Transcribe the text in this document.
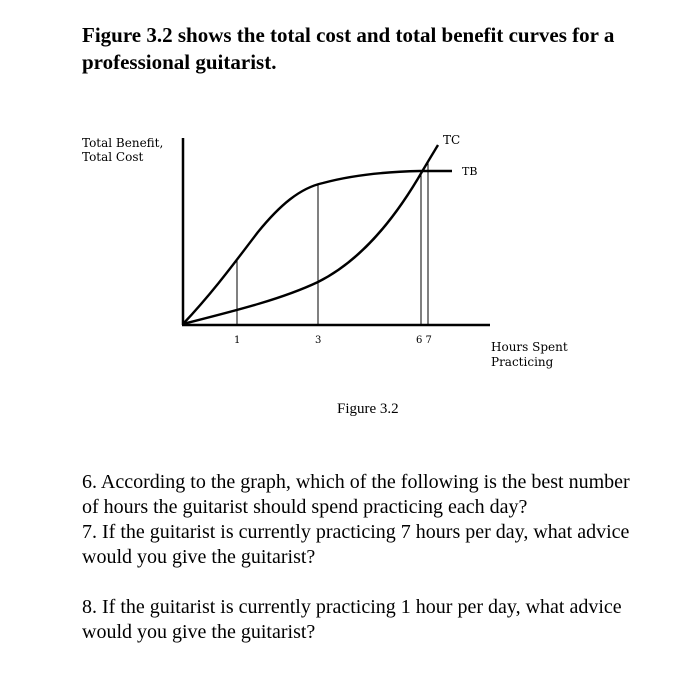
Figure 3.2 shows the total cost and total benefit curves for a professional guitarist.
Total Benefit,
Total Cost
TC
TB
1	3	6 7	Hours Spent
Practicing
Figure 3.2

6. According to the graph, which of the following is the best number of hours the guitarist should spend practicing each day?

7. If the guitarist is currently practicing 7 hours per day, what advice would you give the guitarist?

8. If the guitarist is currently practicing 1 hour per day, what advice would you give the guitarist?
